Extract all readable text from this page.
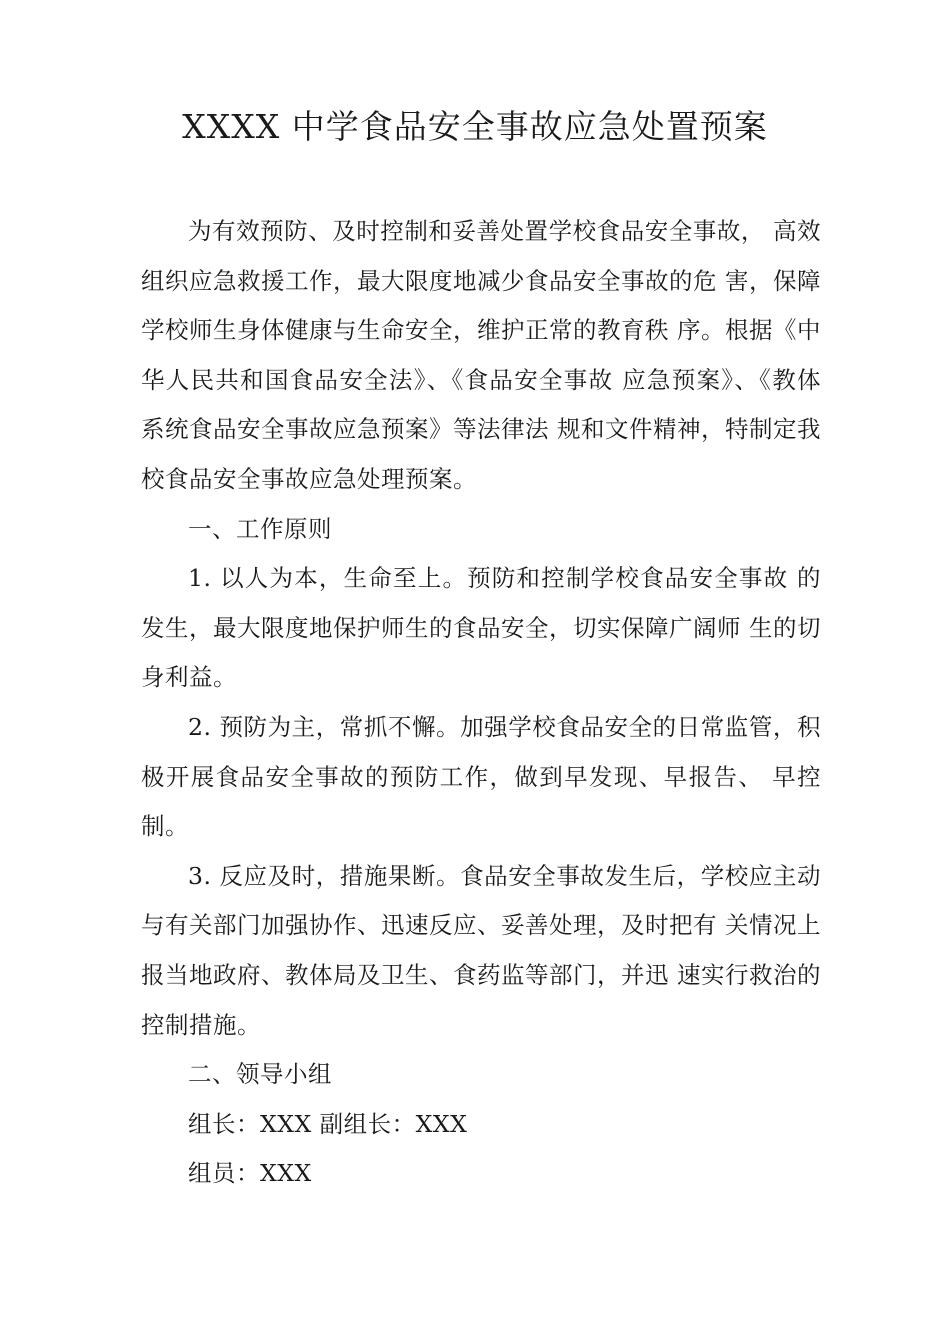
XXXX 中学食品安全事故应急处置预案

为有效预防、及时控制和妥善处置学校食品安全事故， 高效组织应急救援工作，最大限度地减少食品安全事故的危 害，保障学校师生身体健康与生命安全，维护正常的教育秩 序。根据《中华人民共和国食品安全法》、《食品安全事故 应急预案》、《教体系统食品安全事故应急预案》等法律法 规和文件精神，特制定我校食品安全事故应急处理预案。

一、工作原则

1. 以人为本，生命至上。预防和控制学校食品安全事故 的发生，最大限度地保护师生的食品安全，切实保障广阔师 生的切身利益。

2. 预防为主，常抓不懈。加强学校食品安全的日常监管，积极开展食品安全事故的预防工作，做到早发现、早报告、 早控制。

3. 反应及时，措施果断。食品安全事故发生后，学校应主动与有关部门加强协作、迅速反应、妥善处理，及时把有 关情况上报当地政府、教体局及卫生、食药监等部门，并迅 速实行救治的控制措施。

二、领导小组

组长：XXX 副组长：XXX

组员：XXX
